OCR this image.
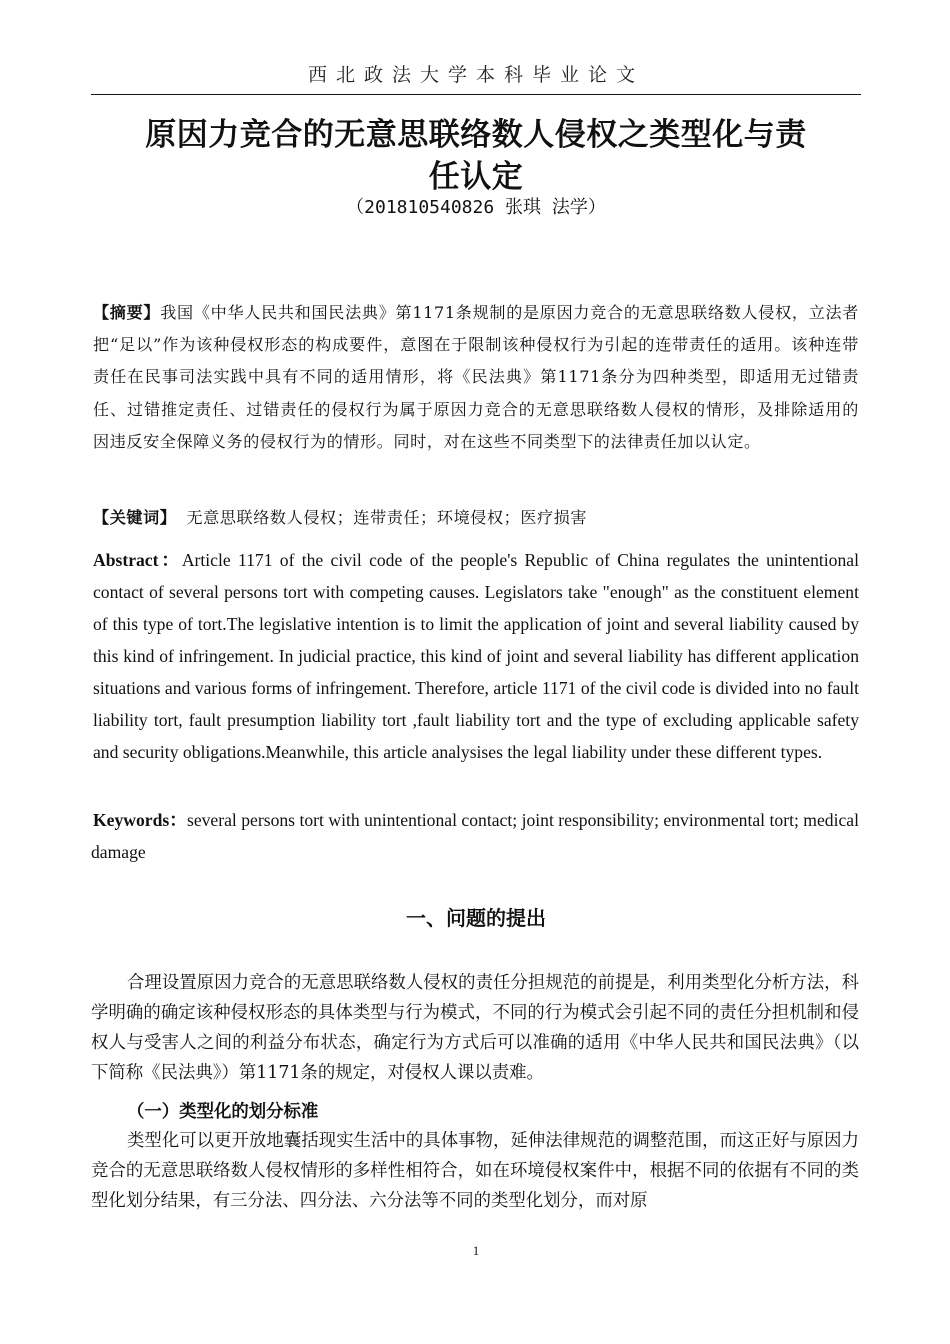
西北政法大学本科毕业论文
原因力竞合的无意思联络数人侵权之类型化与责
任认定
（201810540826 张琪 法学）
【摘要】我国《中华人民共和国民法典》第1171条规制的是原因力竞合的无意思联络数人侵权，立法者把“足以”作为该种侵权形态的构成要件，意图在于限制该种侵权行为引起的连带责任的适用。该种连带责任在民事司法实践中具有不同的适用情形，将《民法典》第1171条分为四种类型，即适用无过错责任、过错推定责任、过错责任的侵权行为属于原因力竞合的无意思联络数人侵权的情形，及排除适用的因违反安全保障义务的侵权行为的情形。同时，对在这些不同类型下的法律责任加以认定。
【关键词】 无意思联络数人侵权；连带责任；环境侵权；医疗损害
Abstract：Article 1171 of the civil code of the people's Republic of China regulates the unintentional contact of several persons tort with competing causes. Legislators take "enough" as the constituent element of this type of tort.The legislative intention is to limit the application of joint and several liability caused by this kind of infringement. In judicial practice, this kind of joint and several liability has different application situations and various forms of infringement. Therefore, article 1171 of the civil code is divided into no fault liability tort, fault presumption liability tort ,fault liability tort and the type of excluding applicable safety and security obligations.Meanwhile, this article analysises the legal liability under these different types.
Keywords：several persons tort with unintentional contact; joint responsibility; environmental tort; medical damage
一、问题的提出
合理设置原因力竞合的无意思联络数人侵权的责任分担规范的前提是，利用类型化分析方法，科学明确的确定该种侵权形态的具体类型与行为模式，不同的行为模式会引起不同的责任分担机制和侵权人与受害人之间的利益分布状态，确定行为方式后可以准确的适用《中华人民共和国民法典》（以下简称《民法典》）第1171条的规定，对侵权人课以责难。
（一）类型化的划分标准
类型化可以更开放地囊括现实生活中的具体事物，延伸法律规范的调整范围，而这正好与原因力竞合的无意思联络数人侵权情形的多样性相符合，如在环境侵权案件中，根据不同的依据有不同的类型化划分结果，有三分法、四分法、六分法等不同的类型化划分，而对原
1
